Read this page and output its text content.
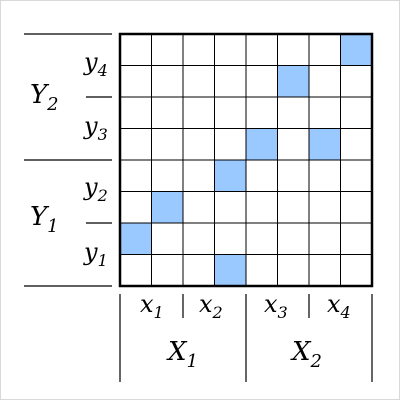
$Y_2$
$Y_1$
$y_4$
$y_3$
$y_2$
$y_1$
$x_1$ $x_2$ $x_3$ $x_4$
$X_1$	$X_2$
